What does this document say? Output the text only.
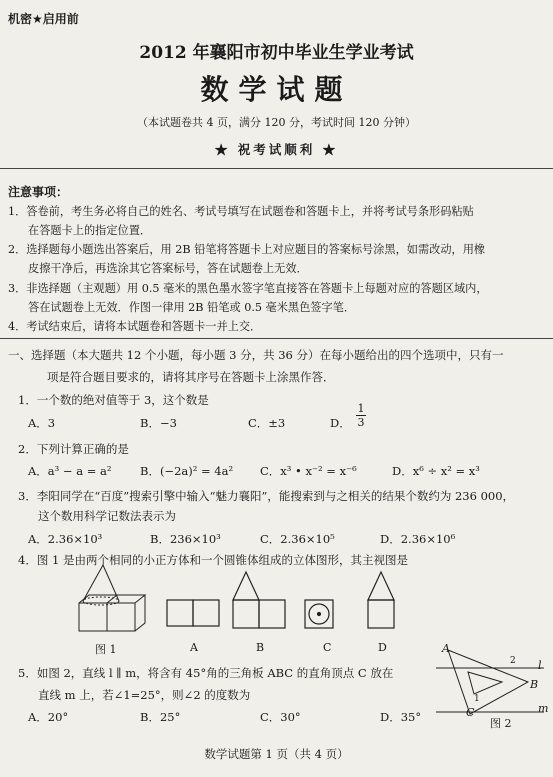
机密★启用前
2012 年襄阳市初中毕业生学业考试
数学试题
（本试题卷共 4 页，满分 120 分，考试时间 120 分钟）
★ 祝考试顺利 ★
注意事项：
1．答卷前，考生务必将自己的姓名、考试号填写在试题卷和答题卡上，并将考试号条形码粘贴
在答题卡上的指定位置．
2．选择题每小题选出答案后，用 2B 铅笔将答题卡上对应题目的答案标号涂黑，如需改动，用橡
皮擦干净后，再选涂其它答案标号，答在试题卷上无效．
3．非选择题（主观题）用 0.5 毫米的黑色墨水签字笔直接答在答题卡上每题对应的答题区域内，
答在试题卷上无效．作图一律用 2B 铅笔或 0.5 毫米黑色签字笔．
4．考试结束后，请将本试题卷和答题卡一并上交．
一、选择题（本大题共 12 个小题，每小题 3 分，共 36 分）在每小题给出的四个选项中，只有一
项是符合题目要求的，请将其序号在答题卡上涂黑作答．
1．一个数的绝对值等于 3，这个数是
A．3	B．−3	C．±3	D．
1
3
2．下列计算正确的是
A．a³ − a = a² B．(−2a)² = 4a² C．x³ • x⁻² = x⁻⁶	D．x⁶ ÷ x² = x³
3．李阳同学在“百度”搜索引擎中输入“魅力襄阳”，能搜索到与之相关的结果个数约为 236 000，
这个数用科学记数法表示为
A．2.36×10³	B．236×10³	C．2.36×10⁵	D．2.36×10⁶
4．图 1 是由两个相同的小正方体和一个圆锥体组成的立体图形，其主视图是
图 1	A	B	C	D
5．如图 2，直线 l ∥ m，将含有 45°角的三角板 ABC 的直角顶点 C 放在
直线 m 上，若∠1=25°，则∠2 的度数为
A．20°	B．25°	C．30°	D．35°
A
B
C
l
m
1
2
图 2
数学试题第 1 页（共 4 页）
